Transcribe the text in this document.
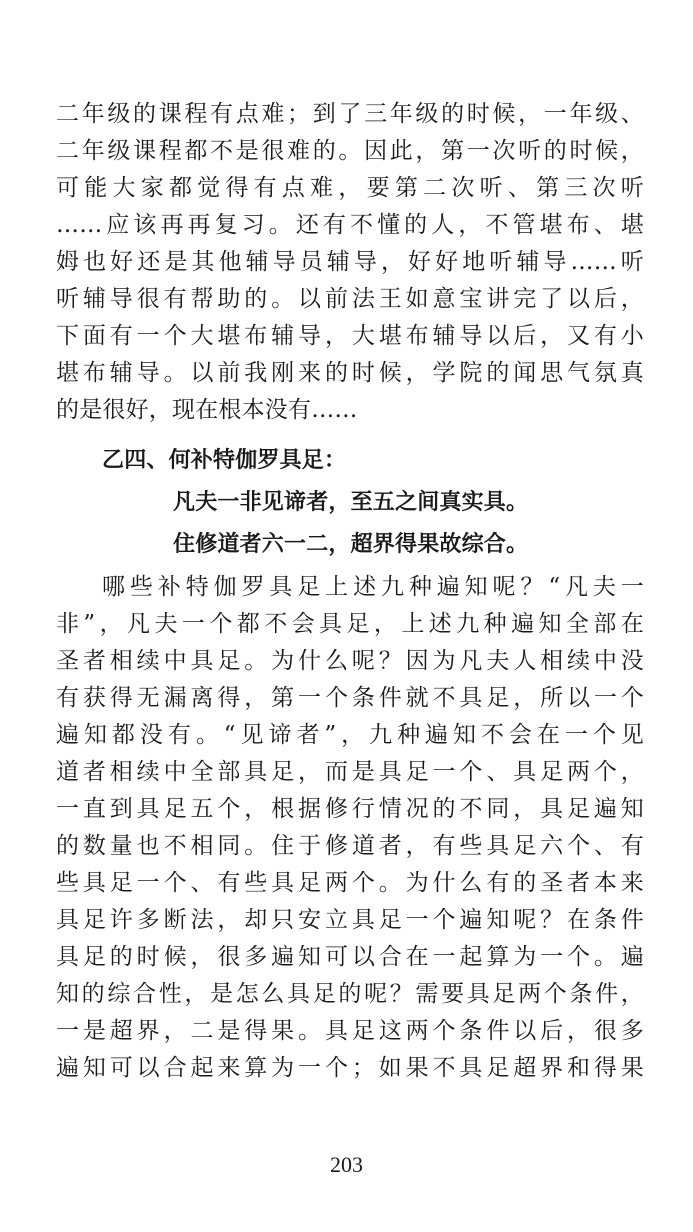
二年级的课程有点难；到了三年级的时候，一年级、
二年级课程都不是很难的。因此，第一次听的时候，
可能大家都觉得有点难，要第二次听、第三次听
……应该再再复习。还有不懂的人，不管堪布、堪
姆也好还是其他辅导员辅导，好好地听辅导……听
听辅导很有帮助的。以前法王如意宝讲完了以后，
下面有一个大堪布辅导，大堪布辅导以后，又有小
堪布辅导。以前我刚来的时候，学院的闻思气氛真
的是很好，现在根本没有……
乙四、何补特伽罗具足：
凡夫一非见谛者，至五之间真实具。
住修道者六一二，超界得果故综合。
哪些补特伽罗具足上述九种遍知呢？“凡夫一
非”，凡夫一个都不会具足，上述九种遍知全部在
圣者相续中具足。为什么呢？因为凡夫人相续中没
有获得无漏离得，第一个条件就不具足，所以一个
遍知都没有。“见谛者”，九种遍知不会在一个见
道者相续中全部具足，而是具足一个、具足两个，
一直到具足五个，根据修行情况的不同，具足遍知
的数量也不相同。住于修道者，有些具足六个、有
些具足一个、有些具足两个。为什么有的圣者本来
具足许多断法，却只安立具足一个遍知呢？在条件
具足的时候，很多遍知可以合在一起算为一个。遍
知的综合性，是怎么具足的呢？需要具足两个条件，
一是超界，二是得果。具足这两个条件以后，很多
遍知可以合起来算为一个；如果不具足超界和得果
203
